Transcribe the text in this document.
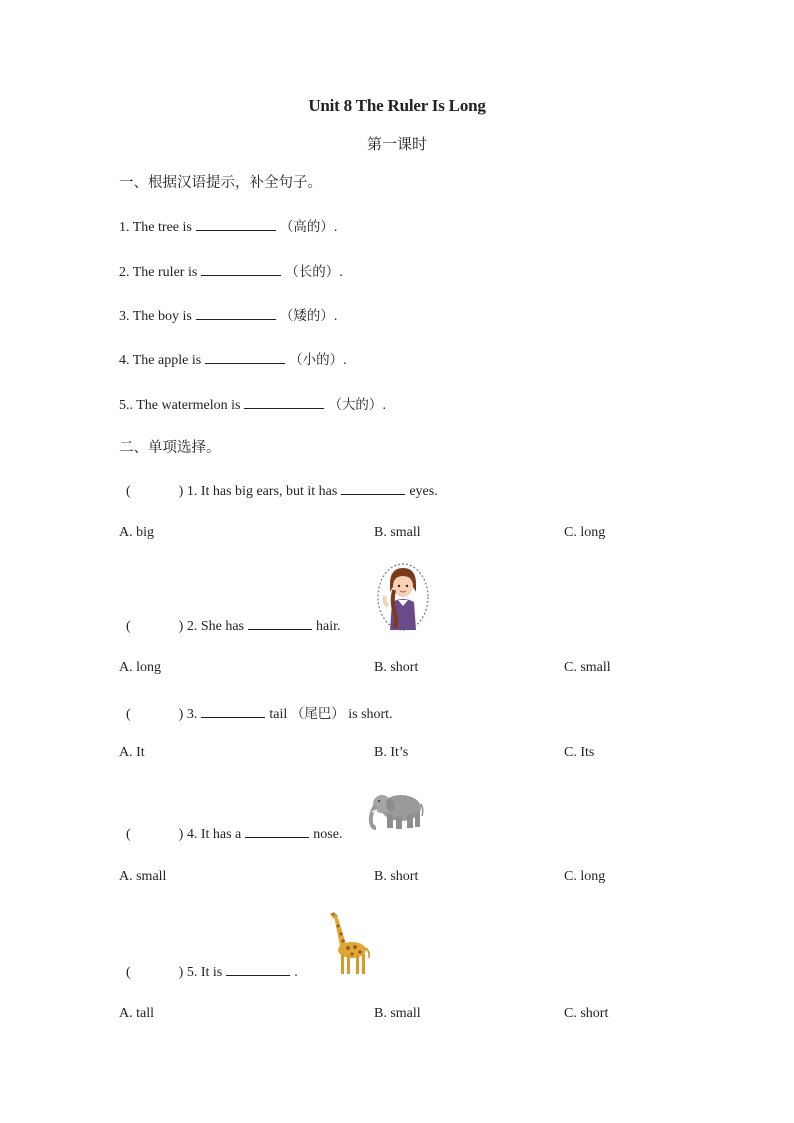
Unit 8 The Ruler Is Long
第一课时
一、根据汉语提示，补全句子。
1. The tree is	（高的）.
2. The ruler is	（长的）.
3. The boy is	（矮的）.
4. The apple is	（小的）.
5.. The watermelon is	（大的）.
二、单项选择。
(	) 1. It has big ears, but it has	eyes.
A. big	B. small	C. long
(	) 2. She has	hair.
A. long	B. short	C. small
(	) 3.	tail （尾巴） is short.
A. It	B. It’s	C. Its
(	) 4. It has a	nose.
A. small	B. short	C. long
(	) 5. It is	.
A. tall	B. small	C. short
